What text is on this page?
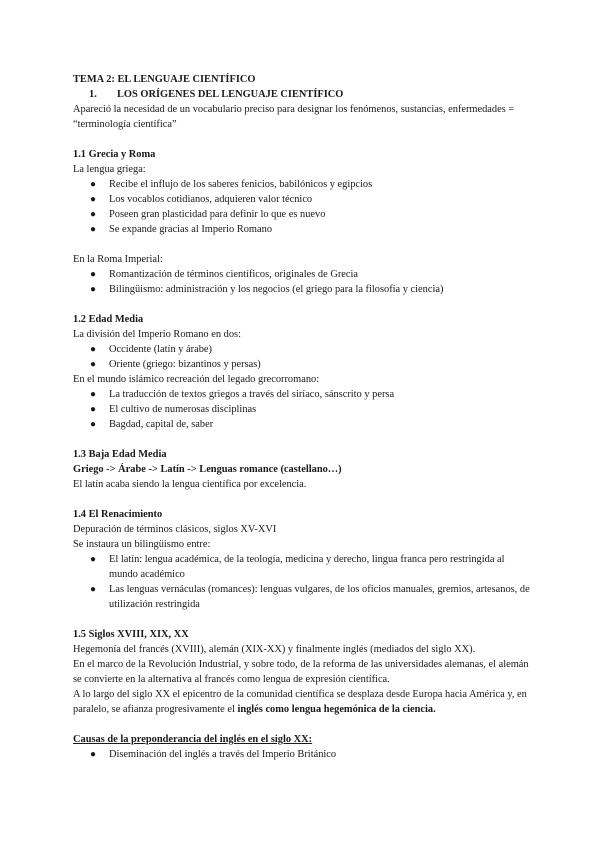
TEMA 2: EL LENGUAJE CIENTÍFICO

1. LOS ORÍGENES DEL LENGUAJE CIENTÍFICO

Apareció la necesidad de un vocabulario preciso para designar los fenómenos, sustancias, enfermedades = “terminología científica”

1.1 Grecia y Roma

La lengua griega:

● Recibe el influjo de los saberes fenicios, babilónicos y egipcios
● Los vocablos cotidianos, adquieren valor técnico
● Poseen gran plasticidad para definir lo que es nuevo
● Se expande gracias al Imperio Romano

En la Roma Imperial:

● Romantización de términos científicos, originales de Grecia
● Bilingüismo: administración y los negocios (el griego para la filosofía y ciencia)

1.2 Edad Media

La división del Imperio Romano en dos:

● Occidente (latín y árabe)
● Oriente (griego: bizantinos y persas)

En el mundo islámico recreación del legado grecorromano:

● La traducción de textos griegos a través del siríaco, sánscrito y persa
● El cultivo de numerosas disciplinas
● Bagdad, capital de, saber

1.3 Baja Edad Media

Griego -> Árabe -> Latín -> Lenguas romance (castellano…)

El latín acaba siendo la lengua científica por excelencia.

1.4 El Renacimiento

Depuración de términos clásicos, siglos XV-XVI

Se instaura un bilingüismo entre:

● El latín: lengua académica, de la teología, medicina y derecho, lingua franca pero restringida al mundo académico
● Las lenguas vernáculas (romances): lenguas vulgares, de los oficios manuales, gremios, artesanos, de utilización restringida

1.5 Siglos XVIII, XIX, XX

Hegemonía del francés (XVIII), alemán (XIX-XX) y finalmente inglés (mediados del siglo XX).

En el marco de la Revolución Industrial, y sobre todo, de la reforma de las universidades alemanas, el alemán se convierte en la alternativa al francés como lengua de expresión científica.

A lo largo del siglo XX el epicentro de la comunidad científica se desplaza desde Europa hacia América y, en paralelo, se afianza progresivamente el inglés como lengua hegemónica de la ciencia.

Causas de la preponderancia del inglés en el siglo XX:

● Diseminación del inglés a través del Imperio Británico
